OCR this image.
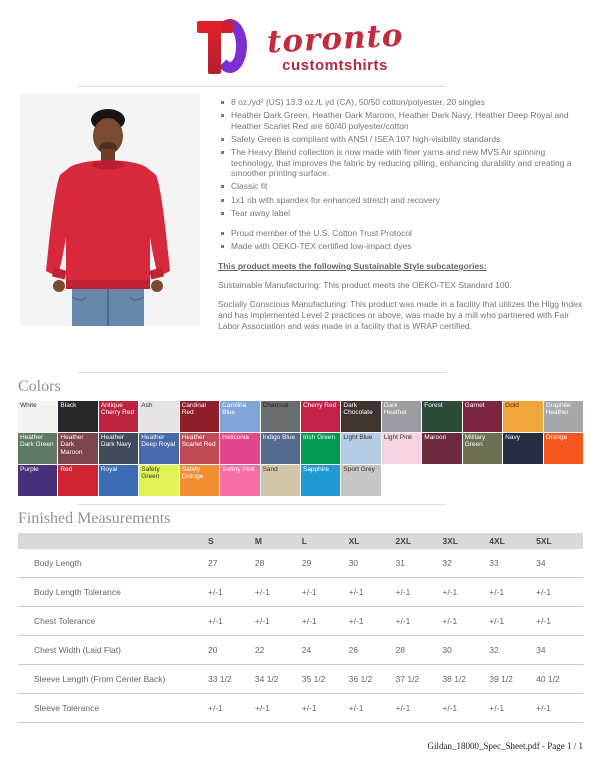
toronto
customtshirts
8 oz./yd² (US) 13.3 oz./L yd (CA), 50/50 cotton/polyester, 20 singles
Heather Dark Green, Heather Dark Maroon, Heather Dark Navy, Heather Deep Royal and Heather Scarlet Red are 60/40 polyester/cotton
Safety Green is compliant with ANSI / ISEA 107 high-visibility standards
The Heavy Blend collection is now made with finer yarns and new MVS Air spinning technology, that improves the fabric by reducing pilling, enhancing durability and creating a smoother printing surface.
Classic fit
1x1 rib with spandex for enhanced stretch and recovery
Tear away label
Proud member of the U.S. Cotton Trust Protocol
Made with OEKO-TEX certified low-impact dyes
This product meets the following Sustainable Style subcategories:

Sustainable Manufacturing: This product meets the OEKO-TEX Standard 100.

Socially Conscious Manufacturing: This product was made in a facility that utilizes the Higg Index and has implemented Level 2 practices or above, was made by a mill who partnered with Fair Labor Association and was made in a facility that is WRAP certified.

Colors
White	Black	Antique Cherry Red
Ash	Cardinal Red
Carolina Blue
Charcoal	Cherry Red	Dark Chocolate
Dark Heather
Forest	Garnet	Gold	Graphite Heather
Heather Dark Green
Heather Dark Maroon
Heather Dark Navy
Heather Deep Royal
Heather Scarlet Red
Heliconia	Indigo Blue	Irish Green	Light Blue	Light Pink	Maroon	Military Green
Navy	Orange
Purple	Red	Royal	Safety Green
Safety Orange
Safety Pink	Sand	Sapphire	Sport Grey
Finished Measurements
	S	M	L	XL	2XL	3XL	4XL	5XL
Body Length	27	28	29	30	31	32	33	34
Body Length Tolerance	+/-1	+/-1	+/-1	+/-1	+/-1	+/-1	+/-1	+/-1
Chest Tolerance	+/-1	+/-1	+/-1	+/-1	+/-1	+/-1	+/-1	+/-1
Chest Width (Laid Flat)	20	22	24	26	28	30	32	34
Sleeve Length (From Center Back)	33 1/2	34 1/2	35 1/2	36 1/2	37 1/2	38 1/2	39 1/2	40 1/2
Sleeve Tolerance	+/-1	+/-1	+/-1	+/-1	+/-1	+/-1	+/-1	+/-1
Gildan_18000_Spec_Sheet.pdf - Page 1 / 1
